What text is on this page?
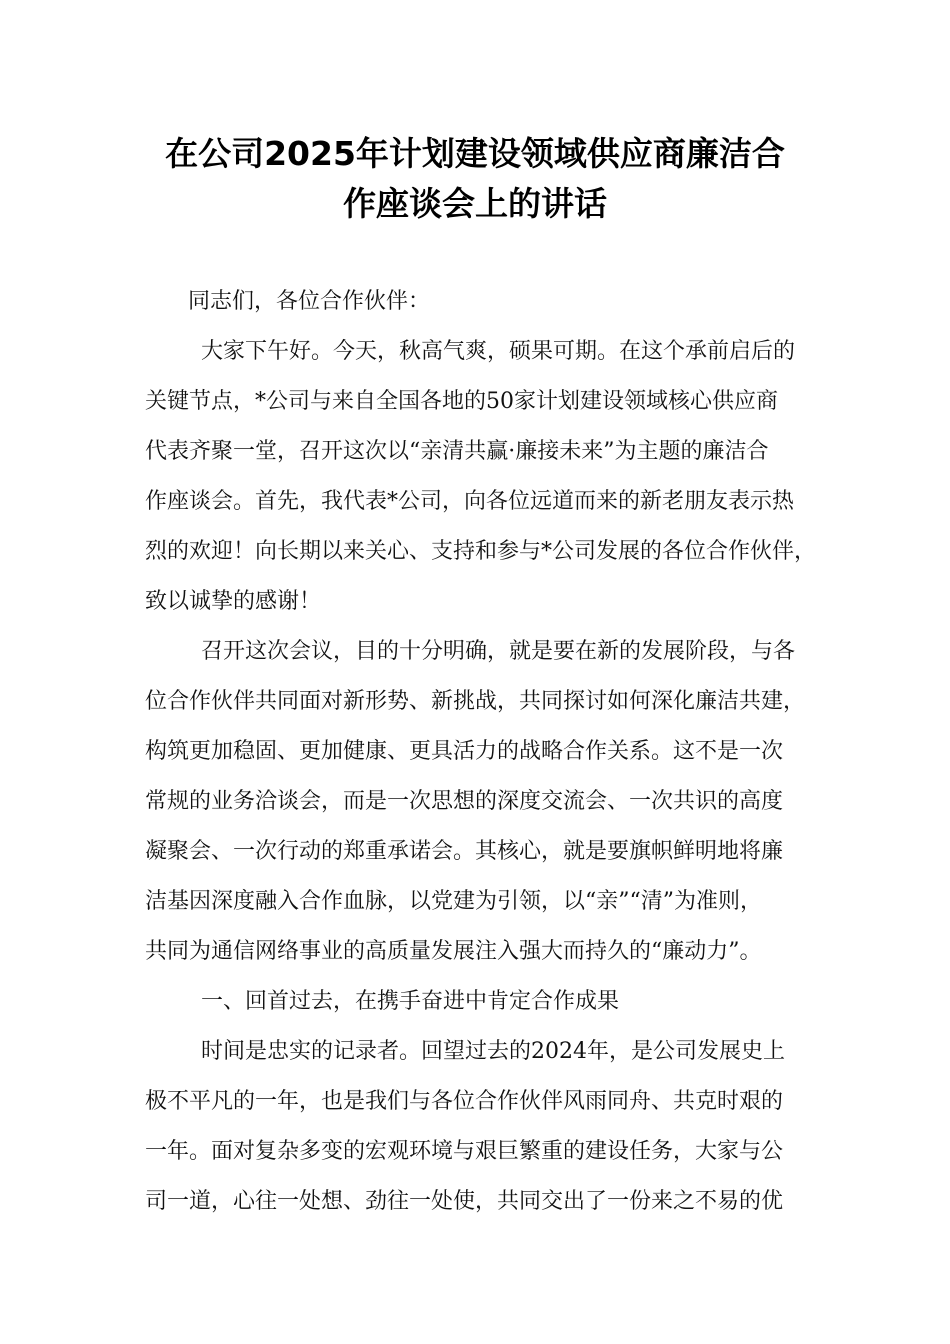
在公司2025年计划建设领域供应商廉洁合
作座谈会上的讲话
同志们，各位合作伙伴：
大家下午好。今天，秋高气爽，硕果可期。在这个承前启后的
关键节点，*公司与来自全国各地的50家计划建设领域核心供应商
代表齐聚一堂，召开这次以“亲清共赢·廉接未来”为主题的廉洁合
作座谈会。首先，我代表*公司，向各位远道而来的新老朋友表示热
烈的欢迎！向长期以来关心、支持和参与*公司发展的各位合作伙伴，
致以诚挚的感谢！
召开这次会议，目的十分明确，就是要在新的发展阶段，与各
位合作伙伴共同面对新形势、新挑战，共同探讨如何深化廉洁共建，
构筑更加稳固、更加健康、更具活力的战略合作关系。这不是一次
常规的业务洽谈会，而是一次思想的深度交流会、一次共识的高度
凝聚会、一次行动的郑重承诺会。其核心，就是要旗帜鲜明地将廉
洁基因深度融入合作血脉，以党建为引领，以“亲”“清”为准则，
共同为通信网络事业的高质量发展注入强大而持久的“廉动力”。
一、回首过去，在携手奋进中肯定合作成果
时间是忠实的记录者。回望过去的2024年，是公司发展史上
极不平凡的一年，也是我们与各位合作伙伴风雨同舟、共克时艰的
一年。面对复杂多变的宏观环境与艰巨繁重的建设任务，大家与公
司一道，心往一处想、劲往一处使，共同交出了一份来之不易的优
